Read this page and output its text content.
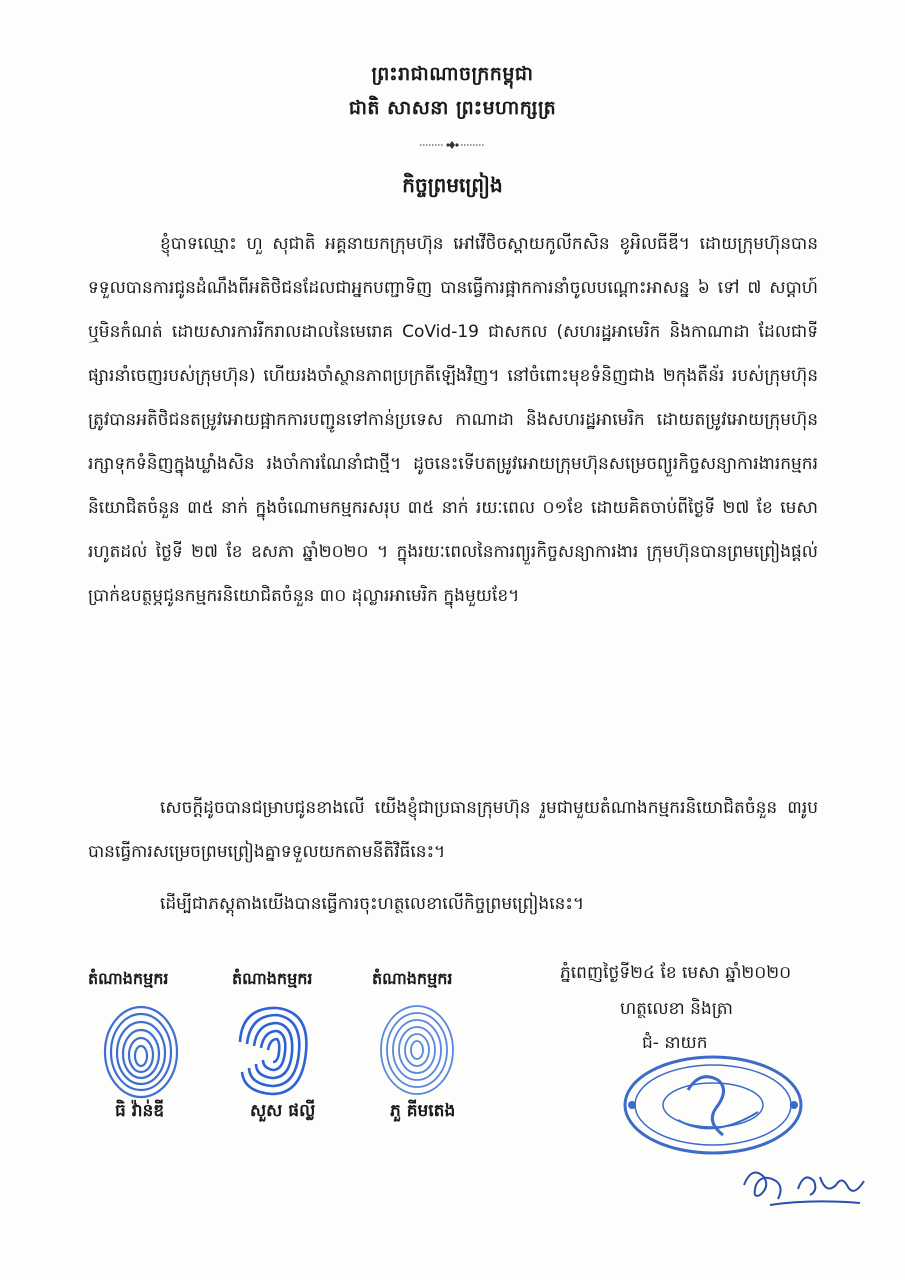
ព្រះរាជាណាចក្រកម្ពុជា
ជាតិ សាសនា ព្រះមហាក្សត្រ
កិច្ចព្រមព្រៀង
ខ្ញុំបាទឈ្មោះ ហួ សុជាតិ អគ្គនាយកក្រុមហ៊ុន អៅវើថិចស្ពាយកូលីកសិន ខូអិលធីឌី។ ដោយក្រុមហ៊ុនបានទទួលបានការជូនដំណឹងពីអតិថិជនដែលជាអ្នកបញ្ជាទិញ បានធ្វើការផ្អាកការនាំចូលបណ្តោះអាសន្ន ៦ ទៅ ៧ សប្តាហ៍ ឬមិនកំណត់ ដោយសារការរីករាលដាលនៃមេរោគ CoVid-19 ជាសកល (សហរដ្ឋអាមេរិក និងកាណាដា ដែលជាទីផ្សារនាំចេញរបស់ក្រុមហ៊ុន) ហើយរងចាំស្ថានភាពប្រក្រតីឡើងវិញ។ នៅចំពោះមុខទំនិញជាង ២កុងតឺន័រ របស់ក្រុមហ៊ុនត្រូវបានអតិថិជនតម្រូវអោយផ្អាកការបញ្ជូនទៅកាន់ប្រទេស កាណាដា និងសហរដ្ឋអាមេរិក ដោយតម្រូវអោយក្រុមហ៊ុនរក្សាទុកទំនិញក្នុងឃ្លាំងសិន រងចាំការណែនាំជាថ្មី។ ដូចនេះទើបតម្រូវអោយក្រុមហ៊ុនសម្រេចព្យួរកិច្ចសន្យាការងារកម្មករនិយោជិតចំនួន ៣៥ នាក់ ក្នុងចំណោមកម្មករសរុប ៣៥ នាក់ រយៈពេល ០១ខែ ដោយគិតចាប់ពីថ្ងៃទី ២៧ ខែ មេសា រហូតដល់ ថ្ងៃទី ២៧ ខែ ឧសភា ឆ្នាំ២០២០ ។ ក្នុងរយៈពេលនៃការព្យួរកិច្ចសន្យាការងារ ក្រុមហ៊ុនបានព្រមព្រៀងផ្តល់ប្រាក់ឧបត្ថម្ភជូនកម្មករនិយោជិតចំនួន ៣០ ដុល្លារអាមេរិក ក្នុងមួយខែ។
សេចក្តីដូចបានជម្រាបជូនខាងលើ យើងខ្ញុំជាប្រធានក្រុមហ៊ុន រួមជាមួយតំណាងកម្មករនិយោជិតចំនួន ៣រូបបានធ្វើការសម្រេចព្រមព្រៀងគ្នាទទួលយកតាមនីតិវិធីនេះ។
ដើម្បីជាភស្តុតាងយើងបានធ្វើការចុះហត្ថលេខាលើកិច្ចព្រមព្រៀងនេះ។
តំណាងកម្មករ	តំណាងកម្មករ	តំណាងកម្មករ
ធិ វ៉ាន់ឌី	សួស ផល្លី	ភួ គីមតេង
ភ្នំពេញថ្ងៃទី២៤ ខែ មេសា ឆ្នាំ២០២០
ហត្ថលេខា និងត្រា
ជំ- នាយក
